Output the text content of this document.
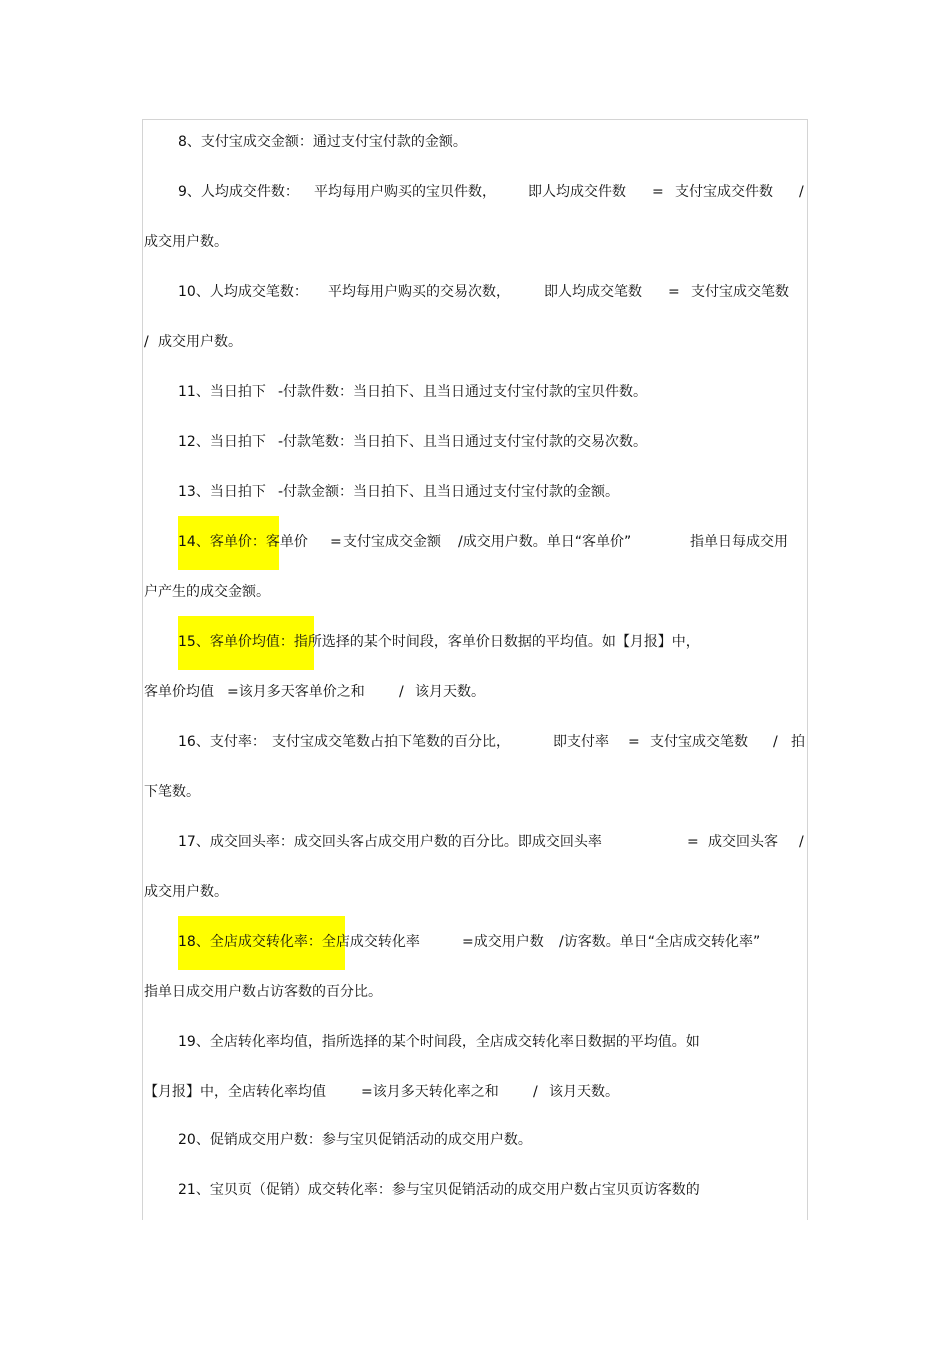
8、支付宝成交金额：通过支付宝付款的金额。
9、人均成交件数： 平均每用户购买的宝贝件数， 即人均成交件数 = 支付宝成交件数 /
成交用户数。
10、人均成交笔数： 平均每用户购买的交易次数， 即人均成交笔数 = 支付宝成交笔数
/ 成交用户数。
11、当日拍下 -付款件数：当日拍下、且当日通过支付宝付款的宝贝件数。
12、当日拍下 -付款笔数：当日拍下、且当日通过支付宝付款的交易次数。
13、当日拍下 -付款金额：当日拍下、且当日通过支付宝付款的金额。
14、客单价：客单价 = 支付宝成交金额 /成交用户数。单日“客单价”	指单日每成交用
户产生的成交金额。
15、客单价均值：指所选择的某个时间段，客单价日数据的平均值。如【月报】中，
客单价均值 =该月多天客单价之和 / 该月天数。
16、支付率： 支付宝成交笔数占拍下笔数的百分比，	即支付率 = 支付宝成交笔数 / 拍
下笔数。
17、成交回头率：成交回头客占成交用户数的百分比。即成交回头率	= 成交回头客 /
成交用户数。
18、全店成交转化率：全店成交转化率	=成交用户数 /访客数。单日“全店成交转化率”
指单日成交用户数占访客数的百分比。
19、全店转化率均值，指所选择的某个时间段，全店成交转化率日数据的平均值。如
【月报】中，全店转化率均值	=该月多天转化率之和 / 该月天数。
20、促销成交用户数：参与宝贝促销活动的成交用户数。
21、宝贝页（促销）成交转化率：参与宝贝促销活动的成交用户数占宝贝页访客数的
